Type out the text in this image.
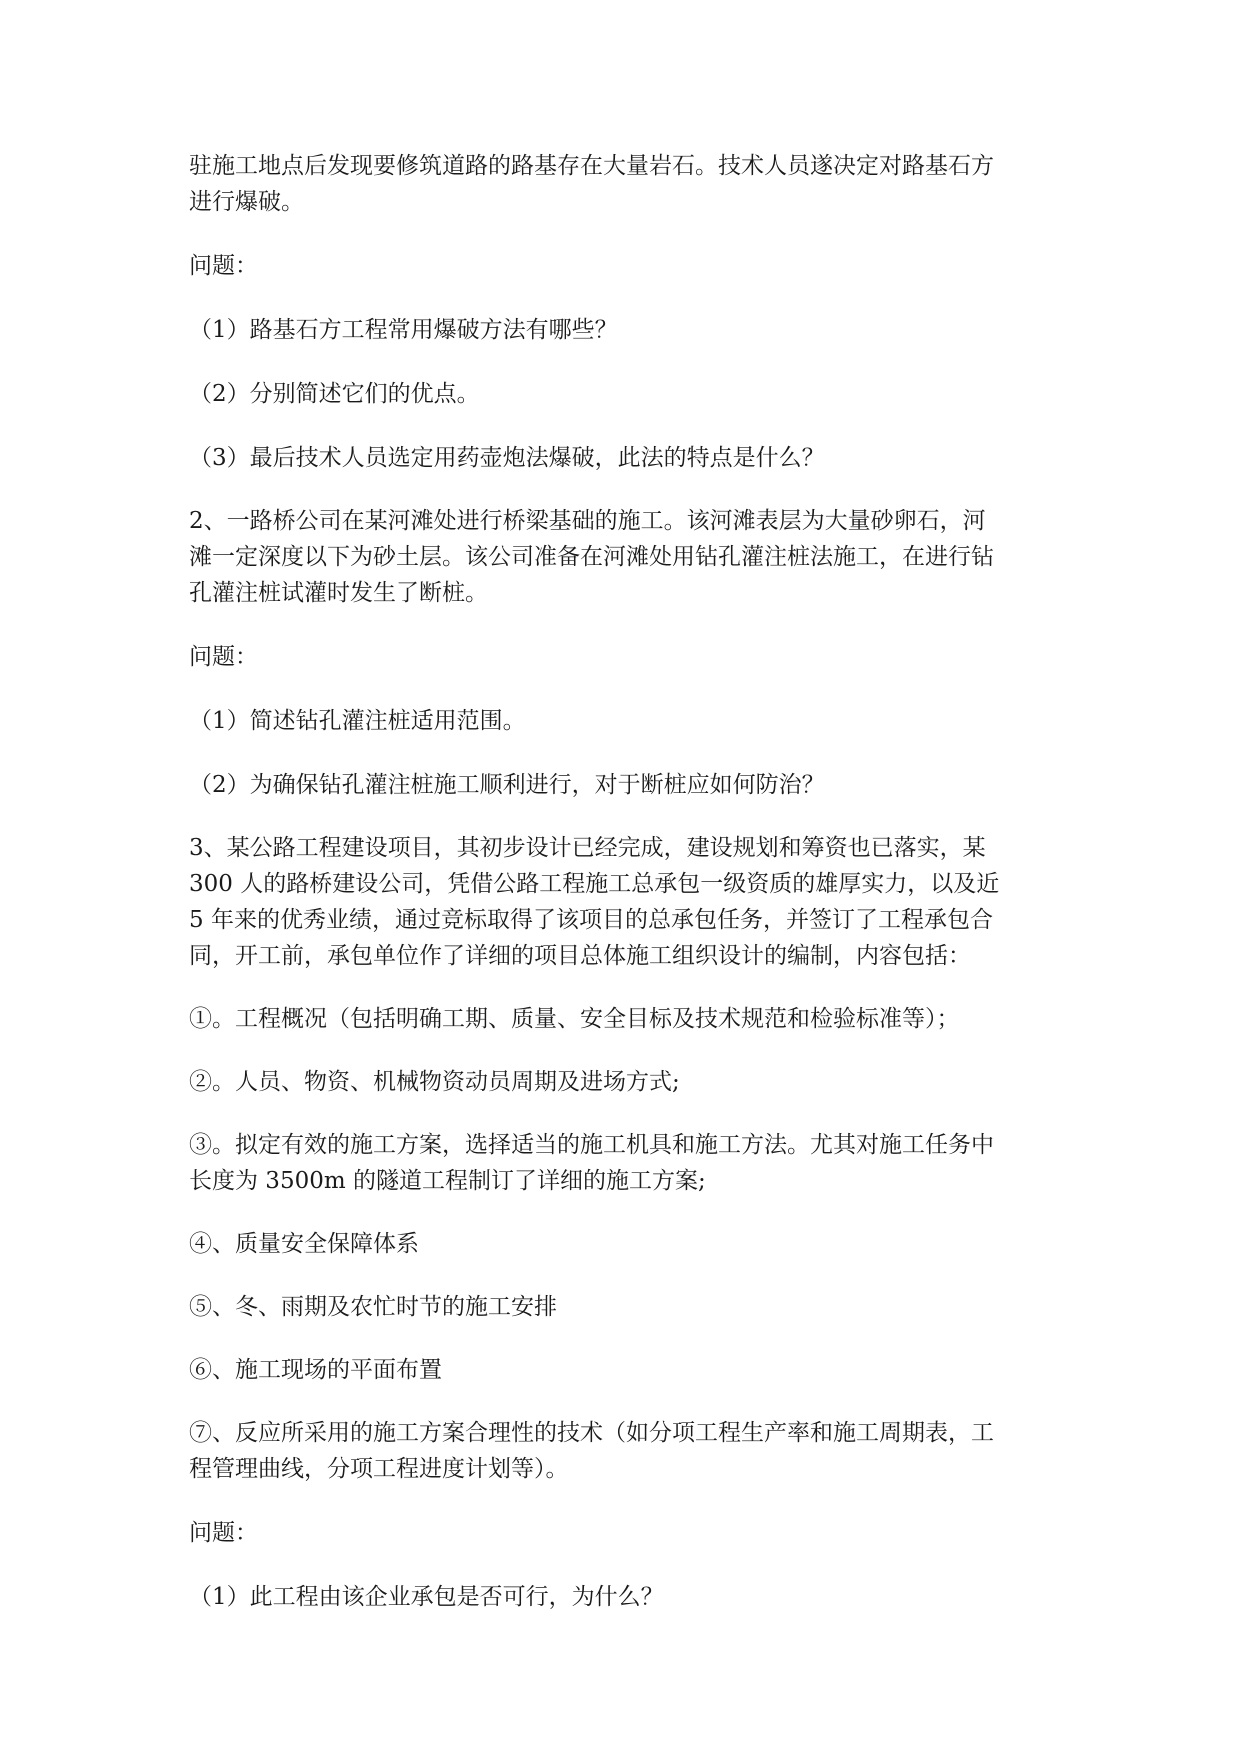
驻施工地点后发现要修筑道路的路基存在大量岩石。技术人员遂决定对路基石方
进行爆破。
问题：
（1）路基石方工程常用爆破方法有哪些？
（2）分别简述它们的优点。
（3）最后技术人员选定用药壶炮法爆破，此法的特点是什么？
2、一路桥公司在某河滩处进行桥梁基础的施工。该河滩表层为大量砂卵石，河
滩一定深度以下为砂土层。该公司准备在河滩处用钻孔灌注桩法施工，在进行钻
孔灌注桩试灌时发生了断桩。
问题：
（1）简述钻孔灌注桩适用范围。
（2）为确保钻孔灌注桩施工顺利进行，对于断桩应如何防治？
3、某公路工程建设项目，其初步设计已经完成，建设规划和筹资也已落实，某
300 人的路桥建设公司，凭借公路工程施工总承包一级资质的雄厚实力，以及近
5 年来的优秀业绩，通过竞标取得了该项目的总承包任务，并签订了工程承包合
同，开工前，承包单位作了详细的项目总体施工组织设计的编制，内容包括：
①。工程概况（包括明确工期、质量、安全目标及技术规范和检验标准等）；
②。人员、物资、机械物资动员周期及进场方式;
③。拟定有效的施工方案，选择适当的施工机具和施工方法。尤其对施工任务中
长度为 3500m 的隧道工程制订了详细的施工方案;
④、质量安全保障体系
⑤、冬、雨期及农忙时节的施工安排
⑥、施工现场的平面布置
⑦、反应所采用的施工方案合理性的技术（如分项工程生产率和施工周期表，工
程管理曲线，分项工程进度计划等）。
问题：
（1）此工程由该企业承包是否可行，为什么？
